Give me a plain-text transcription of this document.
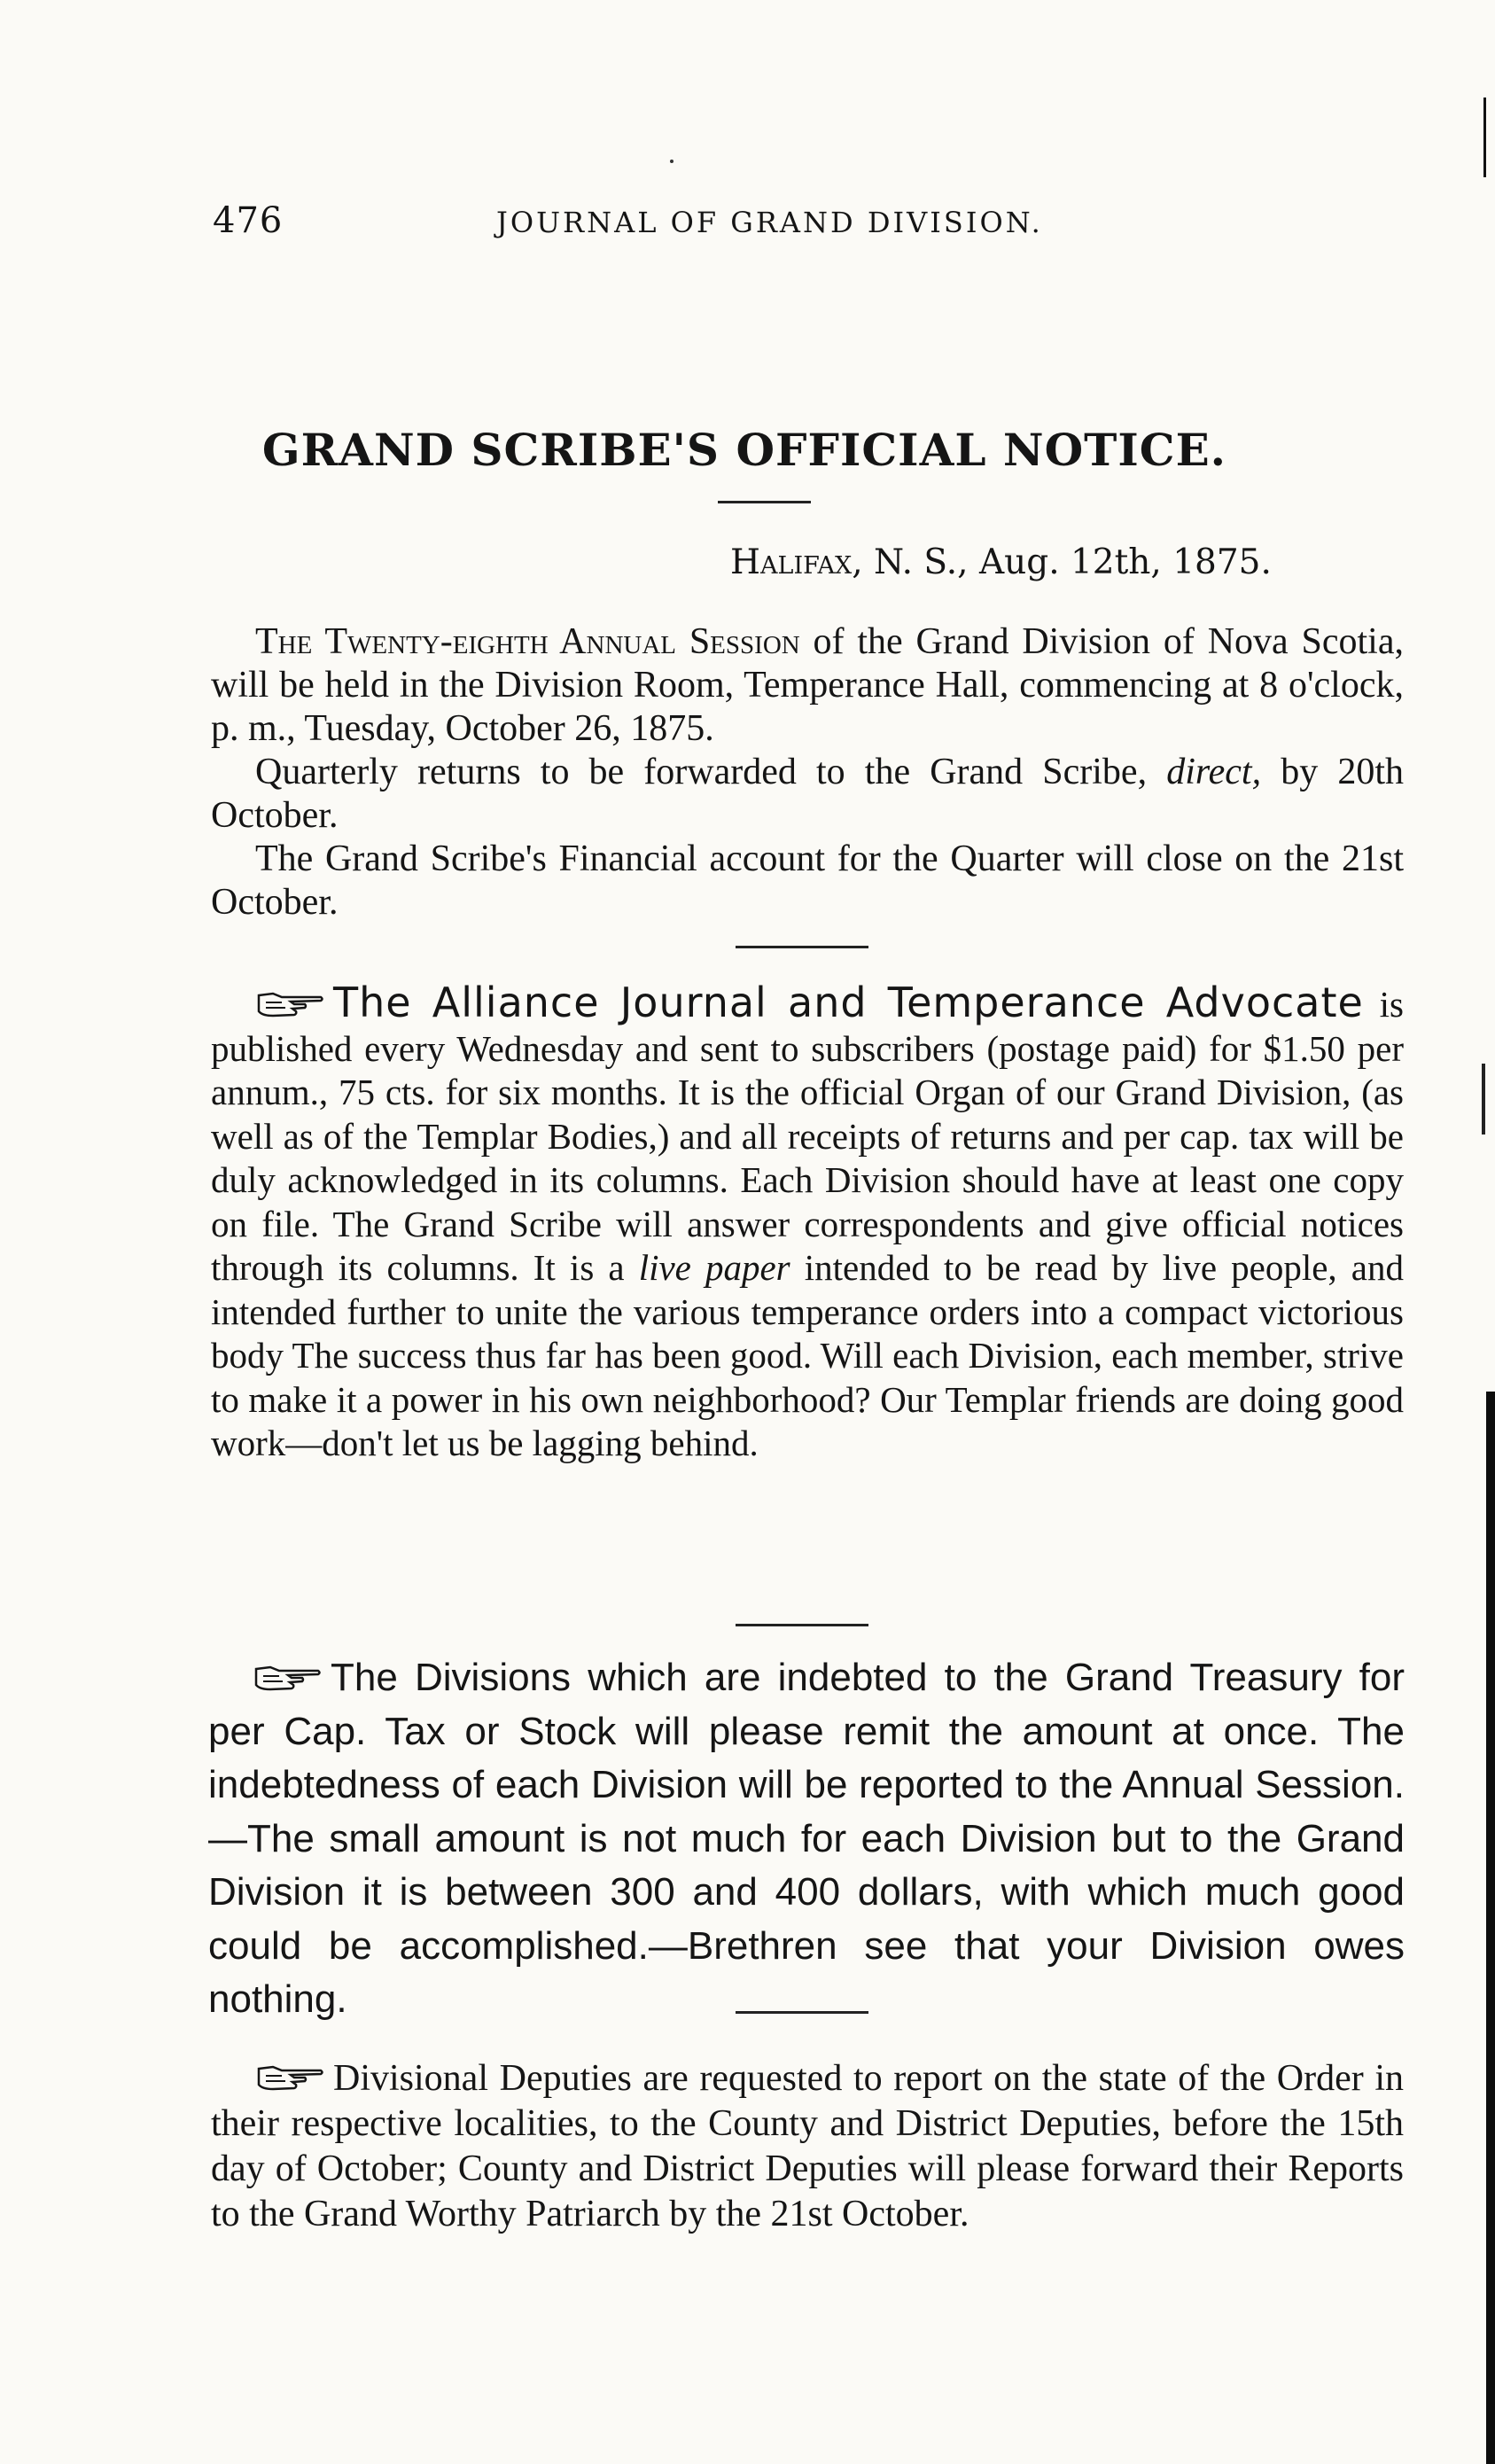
476	JOURNAL OF GRAND DIVISION.
GRAND SCRIBE'S OFFICIAL NOTICE.
Halifax, N. S., Aug. 12th, 1875.

The Twenty-eighth Annual Session of the Grand Division of Nova Scotia, will be held in the Division Room, Temperance Hall, commencing at 8 o'clock, p. m., Tuesday, October 26, 1875.

Quarterly returns to be forwarded to the Grand Scribe, direct, by 20th October.

The Grand Scribe's Financial account for the Quarter will close on the 21st October.

The Alliance Journal and Temperance Advocate is published every Wednesday and sent to subscribers (postage paid) for $1.50 per annum., 75 cts. for six months. It is the official Organ of our Grand Division, (as well as of the Templar Bodies,) and all receipts of returns and per cap. tax will be duly acknowledged in its columns. Each Division should have at least one copy on file. The Grand Scribe will answer correspondents and give official notices through its columns. It is a live paper intended to be read by live people, and intended further to unite the various temperance orders into a compact victorious body The success thus far has been good. Will each Division, each member, strive to make it a power in his own neighborhood? Our Templar friends are doing good work—don't let us be lagging behind.

The Divisions which are indebted to the Grand Treasury for per Cap. Tax or Stock will please remit the amount at once. The indebtedness of each Division will be reported to the Annual Session.—The small amount is not much for each Division but to the Grand Division it is between 300 and 400 dollars, with which much good could be accomplished.—Brethren see that your Division owes nothing.

Divisional Deputies are requested to report on the state of the Order in their respective localities, to the County and District Deputies, before the 15th day of October; County and District Deputies will please forward their Reports to the Grand Worthy Patriarch by the 21st October.
